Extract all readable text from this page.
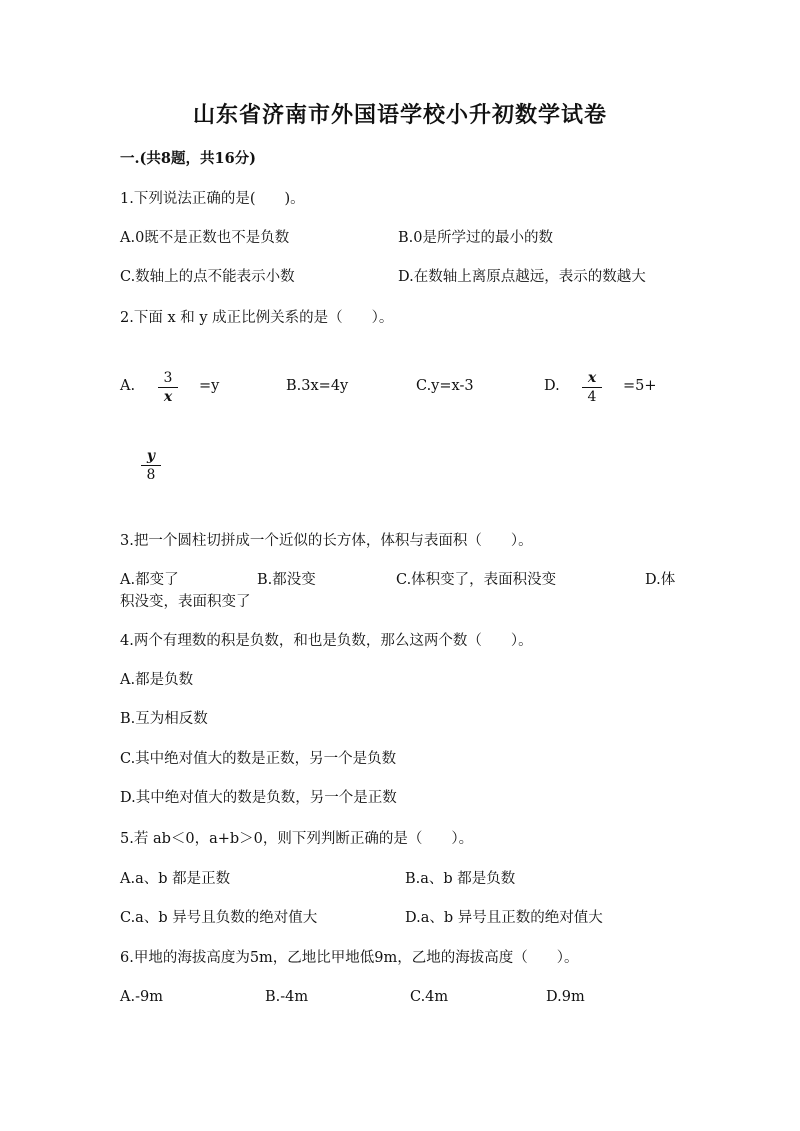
山东省济南市外国语学校小升初数学试卷
一.(共8题，共16分)
1.下列说法正确的是(　　)。
A.0既不是正数也不是负数	B.0是所学过的最小的数
C.数轴上的点不能表示小数	D.在数轴上离原点越远，表示的数越大
2.下面 x 和 y 成正比例关系的是（　　）。
A.	3
x
=y	B.3x=4y	C.y=x-3	D.	x
4
=5+
y
8
3.把一个圆柱切拼成一个近似的长方体，体积与表面积（　　）。
A.都变了	B.都没变	C.体积变了，表面积没变	D.体
积没变，表面积变了
4.两个有理数的积是负数，和也是负数，那么这两个数（　　）。
A.都是负数
B.互为相反数
C.其中绝对值大的数是正数，另一个是负数
D.其中绝对值大的数是负数，另一个是正数
5.若 ab＜0，a+b＞0，则下列判断正确的是（　　）。
A.a、b 都是正数	B.a、b 都是负数
C.a、b 异号且负数的绝对值大	D.a、b 异号且正数的绝对值大
6.甲地的海拔高度为5m，乙地比甲地低9m，乙地的海拔高度（　　）。
A.-9m	B.-4m	C.4m	D.9m
